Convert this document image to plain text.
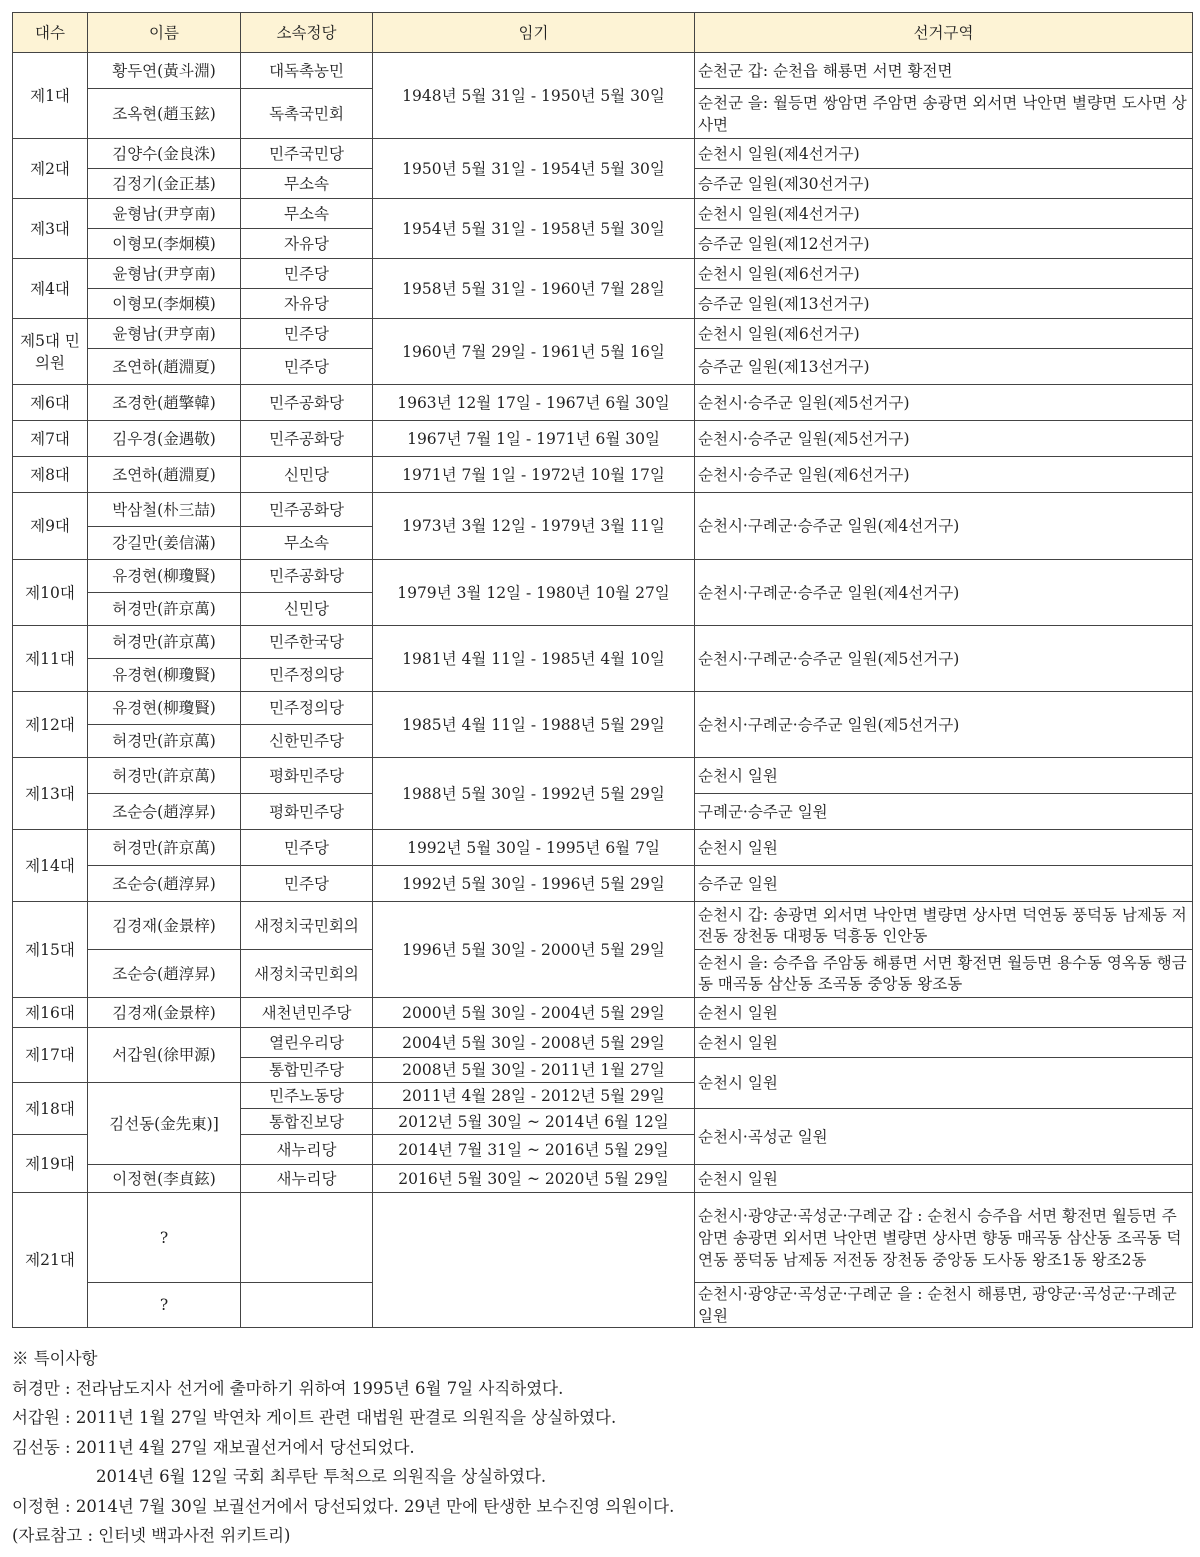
대수	이름	소속정당	임기	선거구역
제1대	황두연(黃斗淵)	대독촉농민	1948년 5월 31일 - 1950년 5월 30일	순천군 갑: 순천읍 해룡면 서면 황전면
	조옥현(趙玉鉉)	독촉국민회		순천군 을: 월등면 쌍암면 주암면 송광면 외서면 낙안면 별량면 도사면 상사면
제2대	김양수(金良洙)	민주국민당	1950년 5월 31일 - 1954년 5월 30일	순천시 일원(제4선거구)
	김정기(金正基)	무소속		승주군 일원(제30선거구)
제3대	윤형남(尹亨南)	무소속	1954년 5월 31일 - 1958년 5월 30일	순천시 일원(제4선거구)
	이형모(李炯模)	자유당		승주군 일원(제12선거구)
제4대	윤형남(尹亨南)	민주당	1958년 5월 31일 - 1960년 7월 28일	순천시 일원(제6선거구)
	이형모(李炯模)	자유당		승주군 일원(제13선거구)
제5대 민의원	윤형남(尹亨南)	민주당	1960년 7월 29일 - 1961년 5월 16일	순천시 일원(제6선거구)
	조연하(趙淵夏)	민주당		승주군 일원(제13선거구)
제6대	조경한(趙擎韓)	민주공화당	1963년 12월 17일 - 1967년 6월 30일	순천시·승주군 일원(제5선거구)
제7대	김우경(金遇敬)	민주공화당	1967년 7월 1일 - 1971년 6월 30일	순천시·승주군 일원(제5선거구)
제8대	조연하(趙淵夏)	신민당	1971년 7월 1일 - 1972년 10월 17일	순천시·승주군 일원(제6선거구)
제9대	박삼철(朴三喆)	민주공화당	1973년 3월 12일 - 1979년 3월 11일	순천시·구례군·승주군 일원(제4선거구)
	강길만(姜信滿)	무소속		
제10대	유경현(柳瓊賢)	민주공화당	1979년 3월 12일 - 1980년 10월 27일	순천시·구례군·승주군 일원(제4선거구)
	허경만(許京萬)	신민당		
제11대	허경만(許京萬)	민주한국당	1981년 4월 11일 - 1985년 4월 10일	순천시·구례군·승주군 일원(제5선거구)
	유경현(柳瓊賢)	민주정의당		
제12대	유경현(柳瓊賢)	민주정의당	1985년 4월 11일 - 1988년 5월 29일	순천시·구례군·승주군 일원(제5선거구)
	허경만(許京萬)	신한민주당		
제13대	허경만(許京萬)	평화민주당	1988년 5월 30일 - 1992년 5월 29일	순천시 일원
	조순승(趙淳昇)	평화민주당		구례군·승주군 일원
제14대	허경만(許京萬)	민주당	1992년 5월 30일 - 1995년 6월 7일	순천시 일원
	조순승(趙淳昇)	민주당	1992년 5월 30일 - 1996년 5월 29일	승주군 일원
제15대	김경재(金景梓)	새정치국민회의	1996년 5월 30일 - 2000년 5월 29일	순천시 갑: 송광면 외서면 낙안면 별량면 상사면 덕연동 풍덕동 남제동 저전동 장천동 대평동 덕흥동 인안동
	조순승(趙淳昇)	새정치국민회의		순천시 을: 승주읍 주암동 해룡면 서면 황전면 월등면 용수동 영옥동 행금동 매곡동 삼산동 조곡동 중앙동 왕조동
제16대	김경재(金景梓)	새천년민주당	2000년 5월 30일 - 2004년 5월 29일	순천시 일원
제17대	서갑원(徐甲源)	열린우리당	2004년 5월 30일 - 2008년 5월 29일	순천시 일원
		통합민주당	2008년 5월 30일 - 2011년 1월 27일	순천시 일원
제18대	김선동(金先東)]	민주노동당	2011년 4월 28일 - 2012년 5월 29일	
		통합진보당	2012년 5월 30일 ~ 2014년 6월 12일	순천시·곡성군 일원
제19대		새누리당	2014년 7월 31일 ~ 2016년 5월 29일	
	이정현(李貞鉉)	새누리당	2016년 5월 30일 ~ 2020년 5월 29일	순천시 일원

제21대	?			순천시·광양군·곡성군·구례군 갑 : 순천시 승주읍 서면 황전면 월등면 주암면 송광면 외서면 낙안면 별량면 상사면 향동 매곡동 삼산동 조곡동 덕연동 풍덕동 남제동 저전동 장천동 중앙동 도사동 왕조1동 왕조2동
	?			순천시·광양군·곡성군·구례군 을 : 순천시 해룡면, 광양군·곡성군·구례군 일원
※ 특이사항
허경만 : 전라남도지사 선거에 출마하기 위하여 1995년 6월 7일 사직하였다.
서갑원 : 2011년 1월 27일 박연차 게이트 관련 대법원 판결로 의원직을 상실하였다.
김선동 : 2011년 4월 27일 재보궐선거에서 당선되었다.
2014년 6월 12일 국회 최루탄 투척으로 의원직을 상실하였다.
이정현 : 2014년 7월 30일 보궐선거에서 당선되었다. 29년 만에 탄생한 보수진영 의원이다.
(자료참고 : 인터넷 백과사전 위키트리)
